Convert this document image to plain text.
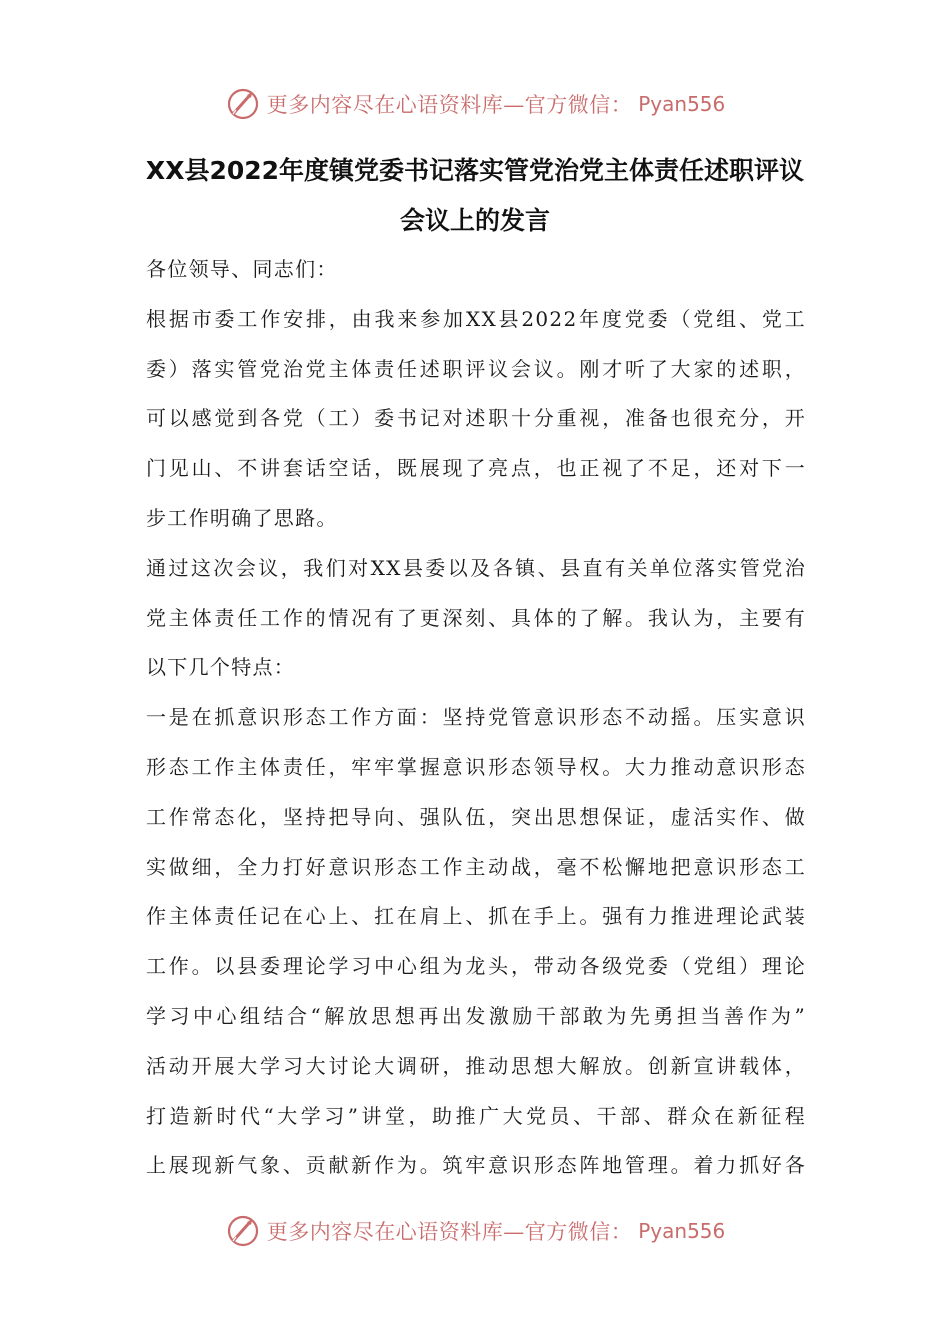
更多内容尽在心语资料库—官方微信： Pyan556
XX县2022年度镇党委书记落实管党治党主体责任述职评议
会议上的发言
各位领导、同志们：
根据市委工作安排，由我来参加XX县2022年度党委（党组、党工
委）落实管党治党主体责任述职评议会议。刚才听了大家的述职，
可以感觉到各党（工）委书记对述职十分重视，准备也很充分，开
门见山、不讲套话空话，既展现了亮点，也正视了不足，还对下一
步工作明确了思路。
通过这次会议，我们对XX县委以及各镇、县直有关单位落实管党治
党主体责任工作的情况有了更深刻、具体的了解。我认为，主要有
以下几个特点：
一是在抓意识形态工作方面：坚持党管意识形态不动摇。压实意识
形态工作主体责任，牢牢掌握意识形态领导权。大力推动意识形态
工作常态化，坚持把导向、强队伍，突出思想保证，虚活实作、做
实做细，全力打好意识形态工作主动战，毫不松懈地把意识形态工
作主体责任记在心上、扛在肩上、抓在手上。强有力推进理论武装
工作。以县委理论学习中心组为龙头，带动各级党委（党组）理论
学习中心组结合“解放思想再出发激励干部敢为先勇担当善作为”
活动开展大学习大讨论大调研，推动思想大解放。创新宣讲载体，
打造新时代“大学习”讲堂，助推广大党员、干部、群众在新征程
上展现新气象、贡献新作为。筑牢意识形态阵地管理。着力抓好各
更多内容尽在心语资料库—官方微信： Pyan556
